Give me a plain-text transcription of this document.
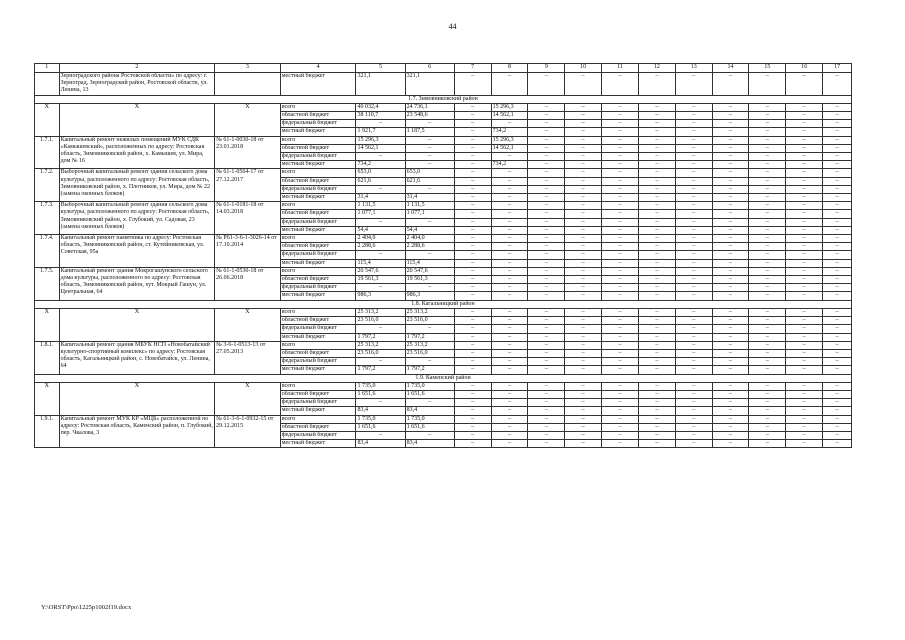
44
1	2	3	4	5	6	7	8	9	10	11	12	13	14	15	16	17
	Зерноградского района Ростовской области» по адресу: г. Зерноград, Зерноградский район, Ростовской области, ул. Ленина, 13		местный бюджет	321,1	321,1	–	–	–	–	–	–	–	–	–	–	–
1.7. Зимовниковский район																
Х	Х	Х	всего	40 032,4	24 736,1	–	15 296,3	–	–	–	–	–	–	–	–	–
			областной бюджет	38 110,7	23 548,6	–	14 562,1	–	–	–	–	–	–	–	–	–
			федеральный бюджет	–	–	–	–	–	–	–	–	–	–	–	–	–
			местный бюджет	1 921,7	1 187,5	–	734,2	–	–	–	–	–	–	–	–	–
1.7.1.	Капитальный ремонт нежилых помещений МУК СДК «Камышевский», расположенных по адресу: Ростовская область, Зимовниковский район, х. Камышев, ул. Мира, дом № 16	№ 61-1-0030-18 от 23.01.2018	всего	15 296,3	–	–	15 296,3	–	–	–	–	–	–	–	–	–
			областной бюджет	14 562,1	–	–	14 562,1	–	–	–	–	–	–	–	–	–
			федеральный бюджет	–	–	–	–	–	–	–	–	–	–	–	–	–
			местный бюджет	734,2	–	–	734,2	–	–	–	–	–	–	–	–	–
1.7.2.	Выборочный капитальный ремонт здания сельского дома культуры, расположенного по адресу: Ростовская область, Зимовниковский район, х. Плотников, ул. Мира, дом № 22 (замена оконных блоков)	№ 61-1-0564-17 от 27.12.2017	всего	653,0	653,0	–	–	–	–	–	–	–	–	–	–	–
			областной бюджет	621,6	621,6	–	–	–	–	–	–	–	–	–	–	–
			федеральный бюджет	–	–	–	–	–	–	–	–	–	–	–	–	–
			местный бюджет	31,4	31,4	–	–	–	–	–	–	–	–	–	–	–
1.7.3.	Выборочный капитальный ремонт здания сельского дома культуры, расположенного по адресу: Ростовская область, Зимовниковский район, х. Глубокий, ул. Садовая, 23 (замена оконных блоков)	№ 61-1-0181-18 от 14.03.2018	всего	1 131,5	1 131,5	–	–	–	–	–	–	–	–	–	–	–
			областной бюджет	1 077,1	1 077,1	–	–	–	–	–	–	–	–	–	–	–
			федеральный бюджет	–	–	–	–	–	–	–	–	–	–	–	–	–
			местный бюджет	54,4	54,4	–	–	–	–	–	–	–	–	–	–	–
1.7.4.	Капитальный ремонт памятника по адресу: Ростовская область, Зимовниковский район, ст. Кутейниковская, ул. Советская, 95а	№ Р61-3-6-1-3026-14 от 17.10.2014	всего	2 404,0	2 404,0	–	–	–	–	–	–	–	–	–	–	–
			областной бюджет	2 288,6	2 288,6	–	–	–	–	–	–	–	–	–	–	–
			федеральный бюджет	–	–	–	–	–	–	–	–	–	–	–	–	–
			местный бюджет	115,4	115,4	–	–	–	–	–	–	–	–	–	–	–
1.7.5.	Капитальный ремонт здания Мокрогашунского сельского дома культуры, расположенного по адресу: Ростовская область, Зимовниковский район, хут. Мокрый Гашун, ул. Центральная, 64	№ 61-1-0530-18 от 26.06.2018	всего	20 547,6	20 547,6	–	–	–	–	–	–	–	–	–	–	–
			областной бюджет	19 561,3	19 561,3	–	–	–	–	–	–	–	–	–	–	–
			федеральный бюджет	–	–	–	–	–	–	–	–	–	–	–	–	–
			местный бюджет	986,3	986,3	–	–	–	–	–	–	–	–	–	–	–
1.8. Кагальницкий район																
Х	Х	Х	всего	25 313,2	25 313,2	–	–	–	–	–	–	–	–	–	–	–
			областной бюджет	23 516,0	23 516,0	–	–	–	–	–	–	–	–	–	–	–
			федеральный бюджет	–	–	–	–	–	–	–	–	–	–	–	–	–
			местный бюджет	1 797,2	1 797,2	–	–	–	–	–	–	–	–	–	–	–
1.8.1.	Капитальный ремонт здания МБУК НСП «Новобатайский культурно-спортивный комплекс» по адресу: Ростовская область, Кагальницкий район, с. Новобатайск, ул. Ленина, 64	№ 3-6-1-0513-13 от 27.05.2013	всего	25 313,2	25 313,2	–	–	–	–	–	–	–	–	–	–	–
			областной бюджет	23 516,0	23 516,0	–	–	–	–	–	–	–	–	–	–	–
			федеральный бюджет	–	–	–	–	–	–	–	–	–	–	–	–	–
			местный бюджет	1 797,2	1 797,2	–	–	–	–	–	–	–	–	–	–	–
1.9. Каменский район																
Х	Х	Х	всего	1 735,0	1 735,0	–	–	–	–	–	–	–	–	–	–	–
			областной бюджет	1 651,6	1 651,6	–	–	–	–	–	–	–	–	–	–	–
			федеральный бюджет	–	–	–	–	–	–	–	–	–	–	–	–	–
			местный бюджет	83,4	83,4	–	–	–	–	–	–	–	–	–	–	–
1.9.1.	Капитальный ремонт МУК КР «МЦБ» расположенной по адресу: Ростовская область, Каменский район, п. Глубокий, пер. Чкалова, 3	№ 61-3-6-1-0932-15 от 29.12.2015	всего	1 735,0	1 735,0	–	–	–	–	–	–	–	–	–	–	–
			областной бюджет	1 651,6	1 651,6	–	–	–	–	–	–	–	–	–	–	–
			федеральный бюджет	–	–	–	–	–	–	–	–	–	–	–	–	–
			местный бюджет	83,4	83,4	–	–	–	–	–	–	–	–	–	–	–
Y:\ORST\Ppo\1225p1002f19.docx
